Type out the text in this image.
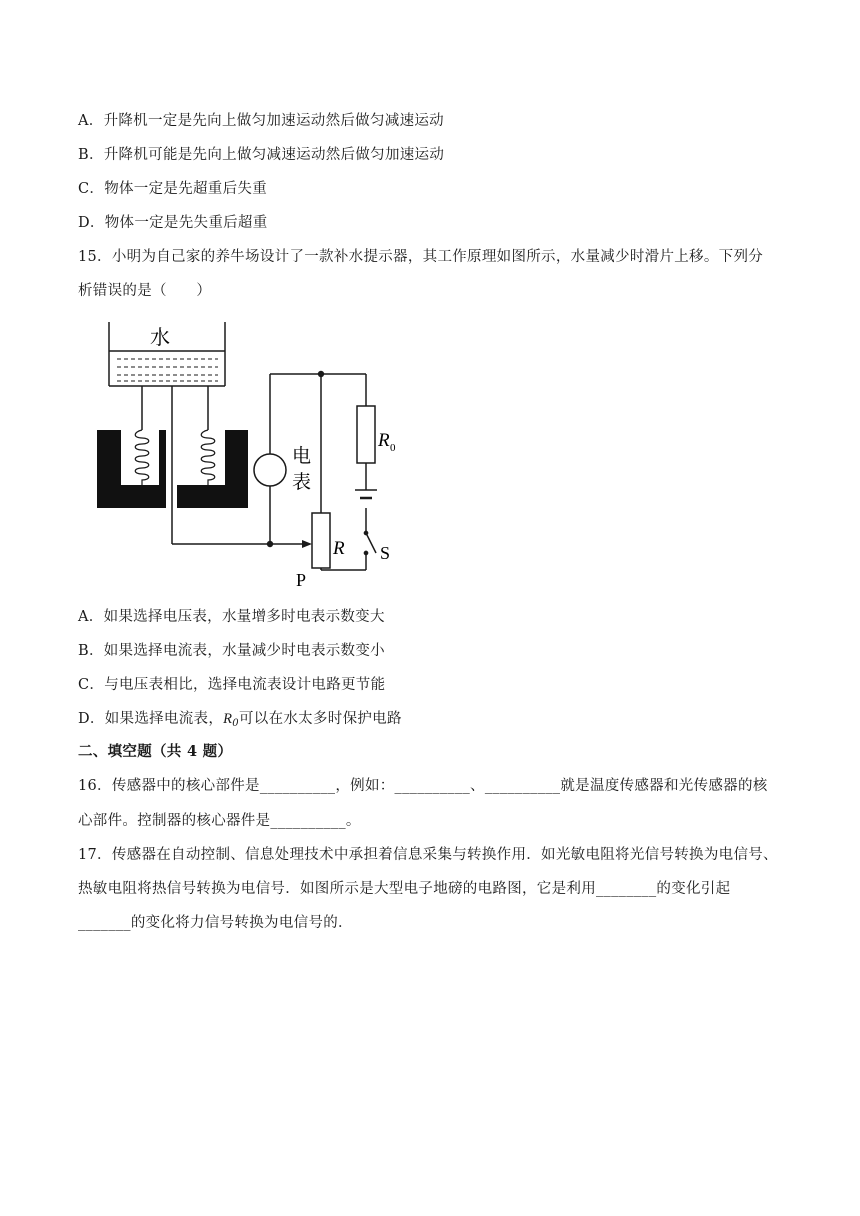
A．升降机一定是先向上做匀加速运动然后做匀减速运动
B．升降机可能是先向上做匀减速运动然后做匀加速运动
C．物体一定是先超重后失重
D．物体一定是先失重后超重
15．小明为自己家的养牛场设计了一款补水提示器，其工作原理如图所示，水量减少时滑片上移。下列分
析错误的是（　　）
水
电
表
R 0
R S
P
A．如果选择电压表，水量增多时电表示数变大
B．如果选择电流表，水量减少时电表示数变小
C．与电压表相比，选择电流表设计电路更节能
D．如果选择电流表，$R_0$可以在水太多时保护电路
二、填空题（共 4 题）
16．传感器中的核心部件是__________，例如：__________、__________就是温度传感器和光传感器的核
心部件。控制器的核心器件是__________。
17．传感器在自动控制、信息处理技术中承担着信息采集与转换作用．如光敏电阻将光信号转换为电信号、
热敏电阻将热信号转换为电信号．如图所示是大型电子地磅的电路图，它是利用________的变化引起
_______的变化将力信号转换为电信号的．
